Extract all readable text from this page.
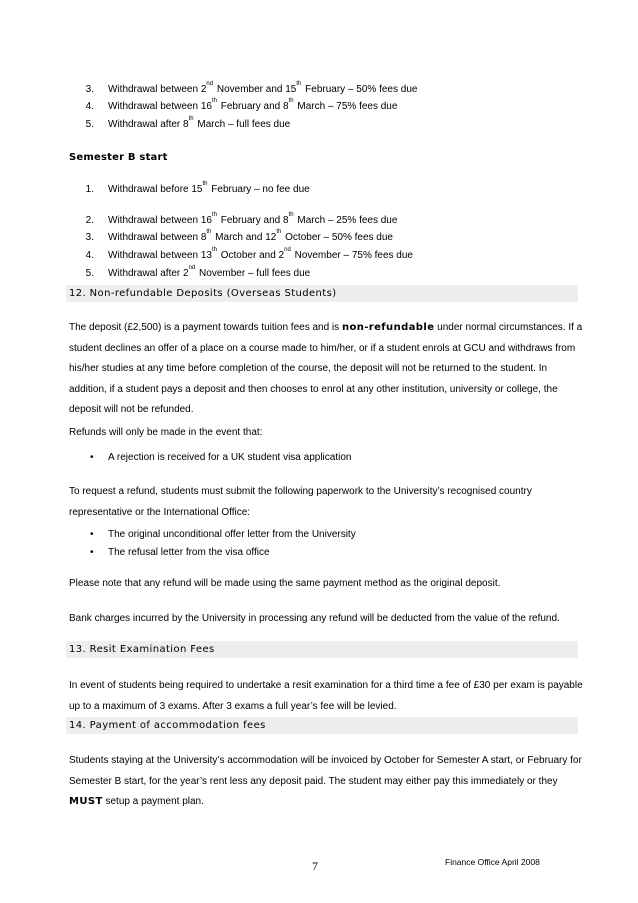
3. Withdrawal between 2nd November and 15th February – 50% fees due
4. Withdrawal between 16th February and 8th March – 75% fees due
5. Withdrawal after 8th March – full fees due
Semester B start
1. Withdrawal before 15th February – no fee due
2. Withdrawal between 16th February and 8th March – 25% fees due
3. Withdrawal between 8th March and 12th October – 50% fees due
4. Withdrawal between 13th October and 2nd November – 75% fees due
5. Withdrawal after 2nd November – full fees due
12. Non-refundable Deposits (Overseas Students)
The deposit (£2,500) is a payment towards tuition fees and is non-refundable under normal circumstances. If a student declines an offer of a place on a course made to him/her, or if a student enrols at GCU and withdraws from his/her studies at any time before completion of the course, the deposit will not be returned to the student. In addition, if a student pays a deposit and then chooses to enrol at any other institution, university or college, the deposit will not be refunded.
Refunds will only be made in the event that:
• A rejection is received for a UK student visa application
To request a refund, students must submit the following paperwork to the University’s recognised country representative or the International Office:
• The original unconditional offer letter from the University
• The refusal letter from the visa office
Please note that any refund will be made using the same payment method as the original deposit.
Bank charges incurred by the University in processing any refund will be deducted from the value of the refund.
13. Resit Examination Fees
In event of students being required to undertake a resit examination for a third time a fee of £30 per exam is payable up to a maximum of 3 exams. After 3 exams a full year’s fee will be levied.
14. Payment of accommodation fees
Students staying at the University’s accommodation will be invoiced by October for Semester A start, or February for Semester B start, for the year’s rent less any deposit paid. The student may either pay this immediately or they MUST setup a payment plan.
7	Finance Office April 2008
